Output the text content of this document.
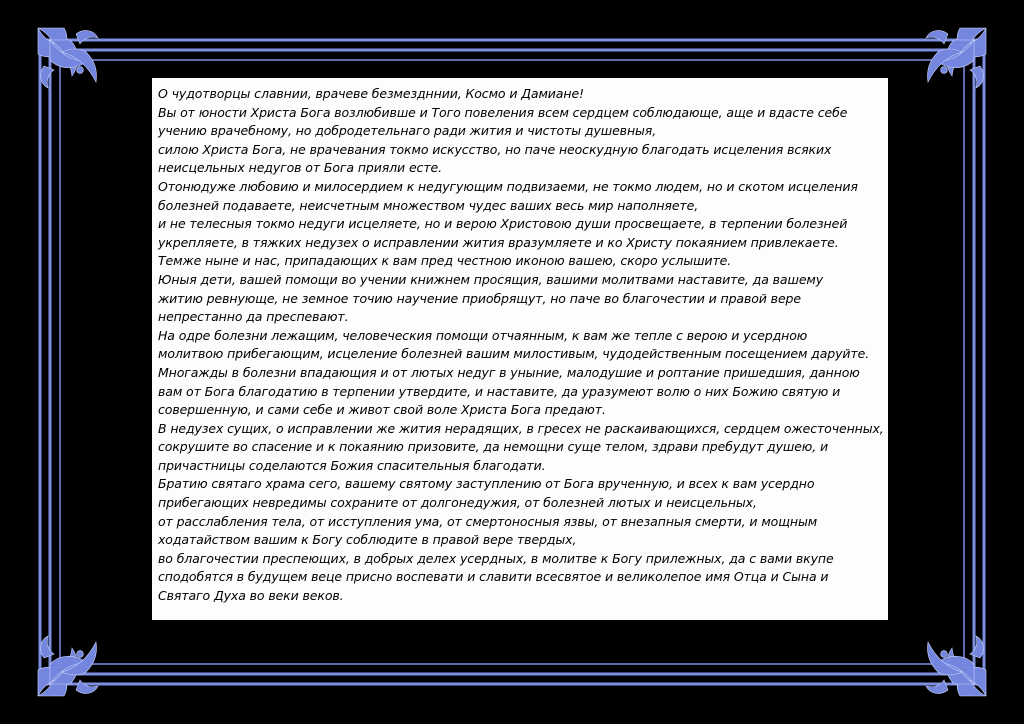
О чудотворцы славнии, врачеве безмездннии, Космо и Дамиане!

Вы от юности Христа Бога возлюбивше и Того повеления всем сердцем соблюдающе, аще и вдасте себе

учению врачебному, но добродетельнаго ради жития и чистоты душевныя,

силою Христа Бога, не врачевания токмо искусство, но паче неоскудную благодать исцеления всяких

неисцельных недугов от Бога прияли есте.

Отонюдуже любовию и милосердием к недугующим подвизаеми, не токмо людем, но и скотом исцеления

болезней подаваете, неисчетным множеством чудес ваших весь мир наполняете,

и не телесныя токмо недуги исцеляете, но и верою Христовою души просвещаете, в терпении болезней

укрепляете, в тяжких недузех о исправлении жития вразумляете и ко Христу покаянием привлекаете.

Темже ныне и нас, припадающих к вам пред честною иконою вашею, скоро услышите.

Юныя дети, вашей помощи во учении книжнем просящия, вашими молитвами наставите, да вашему

житию ревнующе, не земное точию научение приобрящут, но паче во благочестии и правой вере

непрестанно да преспевают.

На одре болезни лежащим, человеческия помощи отчаянным, к вам же тепле с верою и усердною

молитвою прибегающим, исцеление болезней вашим милостивым, чудодейственным посещением даруйте.

Многажды в болезни впадающия и от лютых недуг в уныние, малодушие и роптание пришедшия, данною

вам от Бога благодатию в терпении утвердите, и наставите, да уразумеют волю о них Божию святую и

совершенную, и сами себе и живот свой воле Христа Бога предают.

В недузех сущих, о исправлении же жития нерадящих, в гресех не раскаивающихся, сердцем ожесточенных,

сокрушите во спасение и к покаянию призовите, да немощни суще телом, здрави пребудут душею, и

причастницы соделаются Божия спасительныя благодати.

Братию святаго храма сего, вашему святому заступлению от Бога врученную, и всех к вам усердно

прибегающих невредимы сохраните от долгонедужия, от болезней лютых и неисцельных,

от расслабления тела, от исступления ума, от смертоносныя язвы, от внезапныя смерти, и мощным

ходатайством вашим к Богу соблюдите в правой вере твердых,

во благочестии преспеющих, в добрых делех усердных, в молитве к Богу прилежных, да с вами вкупе

сподобятся в будущем веце присно воспевати и славити всесвятое и великолепое имя Отца и Сына и

Святаго Духа во веки веков.
